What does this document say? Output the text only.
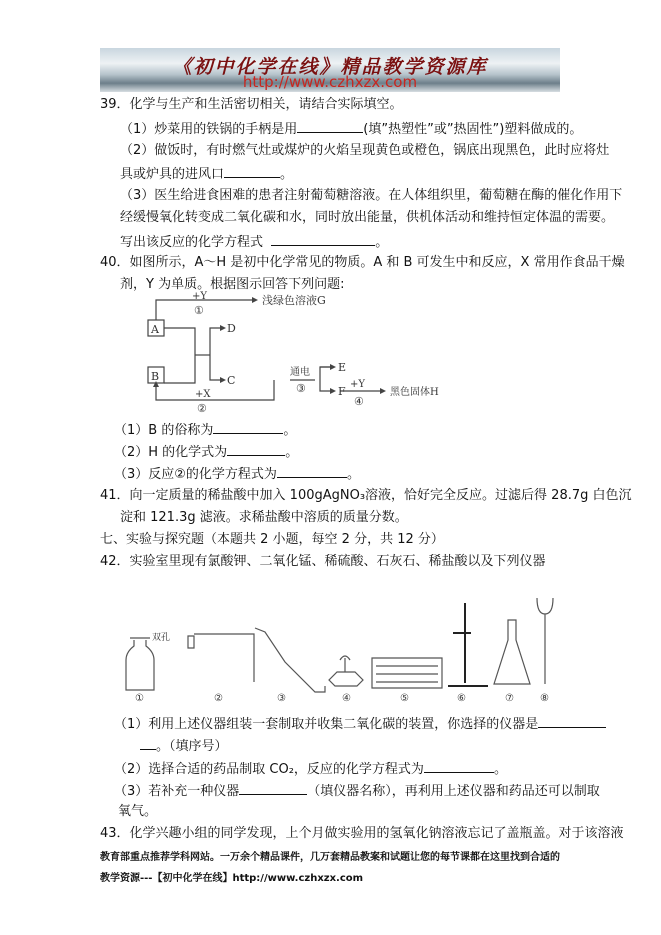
《初中化学在线》精品教学资源库
http://www.czhxzx.com
39．化学与生产和生活密切相关，请结合实际填空。
（1）炒菜用的铁锅的手柄是用	(填”热塑性”或”热固性”)塑料做成的。
（2）做饭时，有时燃气灶或煤炉的火焰呈现黄色或橙色，锅底出现黑色，此时应将灶
具或炉具的进风口	。
（3）医生给进食困难的患者注射葡萄糖溶液。在人体组织里，葡萄糖在酶的催化作用下
经缓慢氧化转变成二氧化碳和水，同时放出能量，供机体活动和维持恒定体温的需要。
写出该反应的化学方程式	。
40．如图所示，A～H 是初中化学常见的物质。A 和 B 可发生中和反应，X 常用作食品干燥
剂，Y 为单质。根据图示回答下列问题:
A
B
D
C
E
F
+Y
①
浅绿色溶液G
+X
②
通电
③	+Y
④
黑色固体H
（1）B 的俗称为	。
（2）H 的化学式为	。
（3）反应②的化学方程式为	。
41．向一定质量的稀盐酸中加入 100gAgNO₃溶液，恰好完全反应。过滤后得 28.7g 白色沉
淀和 121.3g 滤液。求稀盐酸中溶质的质量分数。
七、实验与探究题（本题共 2 小题，每空 2 分，共 12 分）
42．实验室里现有氯酸钾、二氧化锰、稀硫酸、石灰石、稀盐酸以及下列仪器
双孔
①	②	③	④	⑤	⑥	⑦	⑧
（1）利用上述仪器组装一套制取并收集二氧化碳的装置，你选择的仪器是
。（填序号）
（2）选择合适的药品制取 CO₂，反应的化学方程式为	。
（3）若补充一种仪器	（填仪器名称），再利用上述仪器和药品还可以制取
氧气。
43．化学兴趣小组的同学发现，上个月做实验用的氢氧化钠溶液忘记了盖瓶盖。对于该溶液
教育部重点推荐学科网站。一万余个精品课件，几万套精品教案和试题让您的每节课都在这里找到合适的
教学资源---【初中化学在线】http://www.czhxzx.com
